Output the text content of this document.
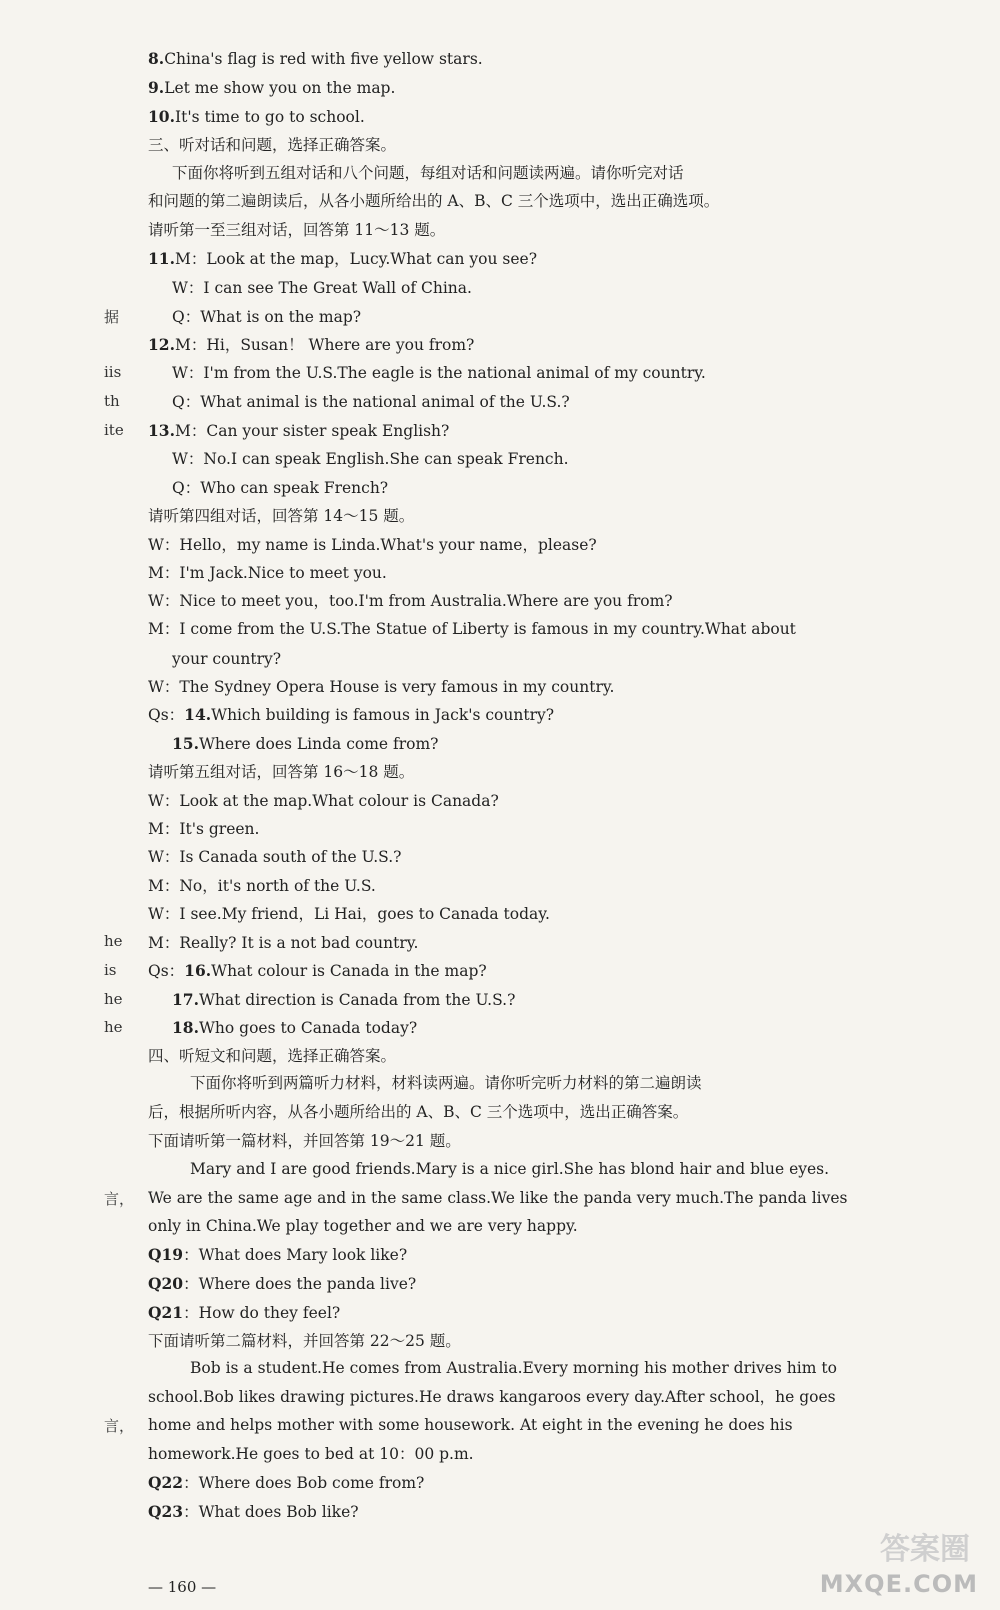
8.China's flag is red with five yellow stars.
9.Let me show you on the map.
10.It's time to go to school.
三、听对话和问题，选择正确答案。
下面你将听到五组对话和八个问题，每组对话和问题读两遍。请你听完对话
和问题的第二遍朗读后，从各小题所给出的 A、B、C 三个选项中，选出正确选项。
请听第一至三组对话，回答第 11～13 题。
11.M：Look at the map，Lucy.What can you see?
W：I can see The Great Wall of China.
Q：What is on the map?
12.M：Hi，Susan！ Where are you from?
W：I'm from the U.S.The eagle is the national animal of my country.
Q：What animal is the national animal of the U.S.?
13.M：Can your sister speak English?
W：No.I can speak English.She can speak French.
Q：Who can speak French?
请听第四组对话，回答第 14～15 题。
W：Hello，my name is Linda.What's your name，please?
M：I'm Jack.Nice to meet you.
W：Nice to meet you，too.I'm from Australia.Where are you from?
M：I come from the U.S.The Statue of Liberty is famous in my country.What about
your country?
W：The Sydney Opera House is very famous in my country.
Qs：14.Which building is famous in Jack's country?
15.Where does Linda come from?
请听第五组对话，回答第 16～18 题。
W：Look at the map.What colour is Canada?
M：It's green.
W：Is Canada south of the U.S.?
M：No，it's north of the U.S.
W：I see.My friend，Li Hai，goes to Canada today.
M：Really? It is a not bad country.
Qs：16.What colour is Canada in the map?
17.What direction is Canada from the U.S.?
18.Who goes to Canada today?
四、听短文和问题，选择正确答案。
下面你将听到两篇听力材料，材料读两遍。请你听完听力材料的第二遍朗读
后，根据所听内容，从各小题所给出的 A、B、C 三个选项中，选出正确答案。
下面请听第一篇材料，并回答第 19～21 题。
Mary and I are good friends.Mary is a nice girl.She has blond hair and blue eyes.
We are the same age and in the same class.We like the panda very much.The panda lives
only in China.We play together and we are very happy.
Q19：What does Mary look like?
Q20：Where does the panda live?
Q21：How do they feel?
下面请听第二篇材料，并回答第 22～25 题。
Bob is a student.He comes from Australia.Every morning his mother drives him to
school.Bob likes drawing pictures.He draws kangaroos every day.After school，he goes
home and helps mother with some housework. At eight in the evening he does his
homework.He goes to bed at 10：00 p.m.
Q22：Where does Bob come from?
Q23：What does Bob like?
据
iis
th
ite
he
is
he
he
言，
言，
— 160 —
答案圈
MXQE.COM
